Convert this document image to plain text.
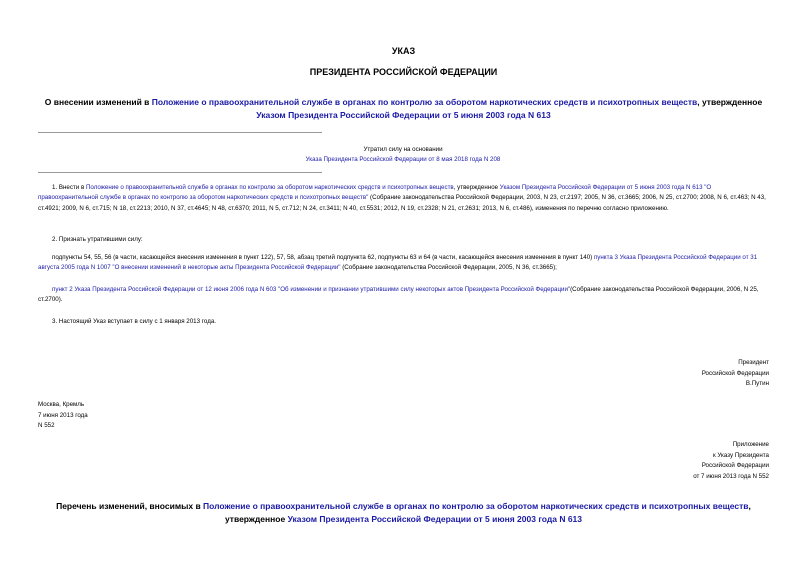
УКАЗ
ПРЕЗИДЕНТА РОССИЙСКОЙ ФЕДЕРАЦИИ
О внесении изменений в Положение о правоохранительной службе в органах по контролю за оборотом наркотических средств и психотропных веществ, утвержденное Указом Президента Российской Федерации от 5 июня 2003 года N 613
Утратил силу на основании
Указа Президента Российской Федерации от 8 мая 2018 года N 208
1. Внести в Положение о правоохранительной службе в органах по контролю за оборотом наркотических средств и психотропных веществ, утвержденное Указом Президента Российской Федерации от 5 июня 2003 года N 613 "О правоохранительной службе в органах по контролю за оборотом наркотических средств и психотропных веществ" (Собрание законодательства Российской Федерации, 2003, N 23, ст.2197; 2005, N 36, ст.3665; 2006, N 25, ст.2700; 2008, N 6, ст.463; N 43, ст.4921; 2009, N 6, ст.715; N 18, ст.2213; 2010, N 37, ст.4645; N 48, ст.6370; 2011, N 5, ст.712; N 24, ст.3411; N 40, ст.5531; 2012, N 19, ст.2328; N 21, ст.2631; 2013, N 6, ст.486), изменения по перечню согласно приложению.
2. Признать утратившими силу:
подпункты 54, 55, 56 (в части, касающейся внесения изменения в пункт 122), 57, 58, абзац третий подпункта 62, подпункты 63 и 64 (в части, касающейся внесения изменения в пункт 140) пункта 3 Указа Президента Российской Федерации от 31 августа 2005 года N 1007 "О внесении изменений в некоторые акты Президента Российской Федерации" (Собрание законодательства Российской Федерации, 2005, N 36, ст.3665);
пункт 2 Указа Президента Российской Федерации от 12 июня 2006 года N 603 "Об изменении и признании утратившими силу некоторых актов Президента Российской Федерации"(Собрание законодательства Российской Федерации, 2006, N 25, ст.2700).
3. Настоящий Указ вступает в силу с 1 января 2013 года.
Президент
Российской Федерации
В.Путин
Москва, Кремль
7 июня 2013 года
N 552
Приложение
к Указу Президента
Российской Федерации
от 7 июня 2013 года N 552
Перечень изменений, вносимых в Положение о правоохранительной службе в органах по контролю за оборотом наркотических средств и психотропных веществ, утвержденное Указом Президента Российской Федерации от 5 июня 2003 года N 613
